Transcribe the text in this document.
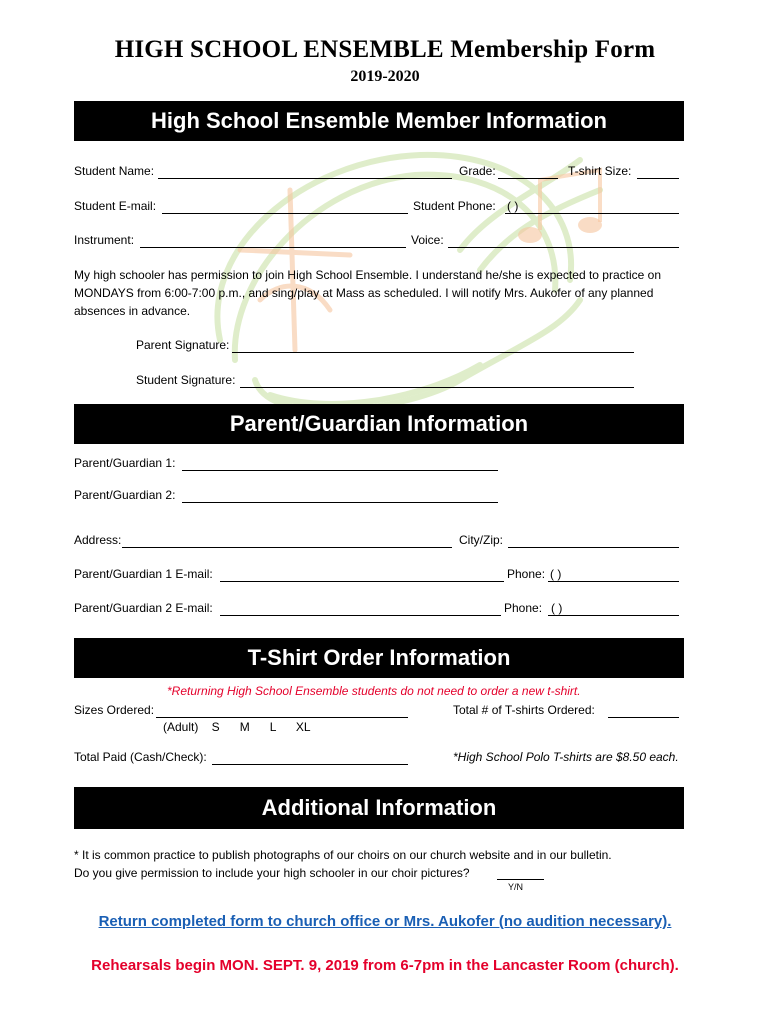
HIGH SCHOOL ENSEMBLE Membership Form
2019-2020
High School Ensemble Member Information
Student Name:	Grade:	T-shirt Size:
Student E-mail:	Student Phone: ( )
Instrument:	Voice:
My high schooler has permission to join High School Ensemble. I understand he/she is expected to practice on MONDAYS from 6:00-7:00 p.m., and sing/play at Mass as scheduled. I will notify Mrs. Aukofer of any planned absences in advance.
Parent Signature:
Student Signature:
Parent/Guardian Information
Parent/Guardian 1:
Parent/Guardian 2:
Address:	City/Zip:
Parent/Guardian 1 E-mail:	Phone: ( )
Parent/Guardian 2 E-mail:	Phone: ( )
T-Shirt Order Information
*Returning High School Ensemble students do not need to order a new t-shirt.
Sizes Ordered:	Total # of T-shirts Ordered:
(Adult)    S      M      L      XL
Total Paid (Cash/Check):	*High School Polo T-shirts are $8.50 each.
Additional Information
* It is common practice to publish photographs of our choirs on our church website and in our bulletin.
Do you give permission to include your high schooler in our choir pictures?
Y/N
Return completed form to church office or Mrs. Aukofer (no audition necessary).
Rehearsals begin MON. SEPT. 9, 2019 from 6-7pm in the Lancaster Room (church).
